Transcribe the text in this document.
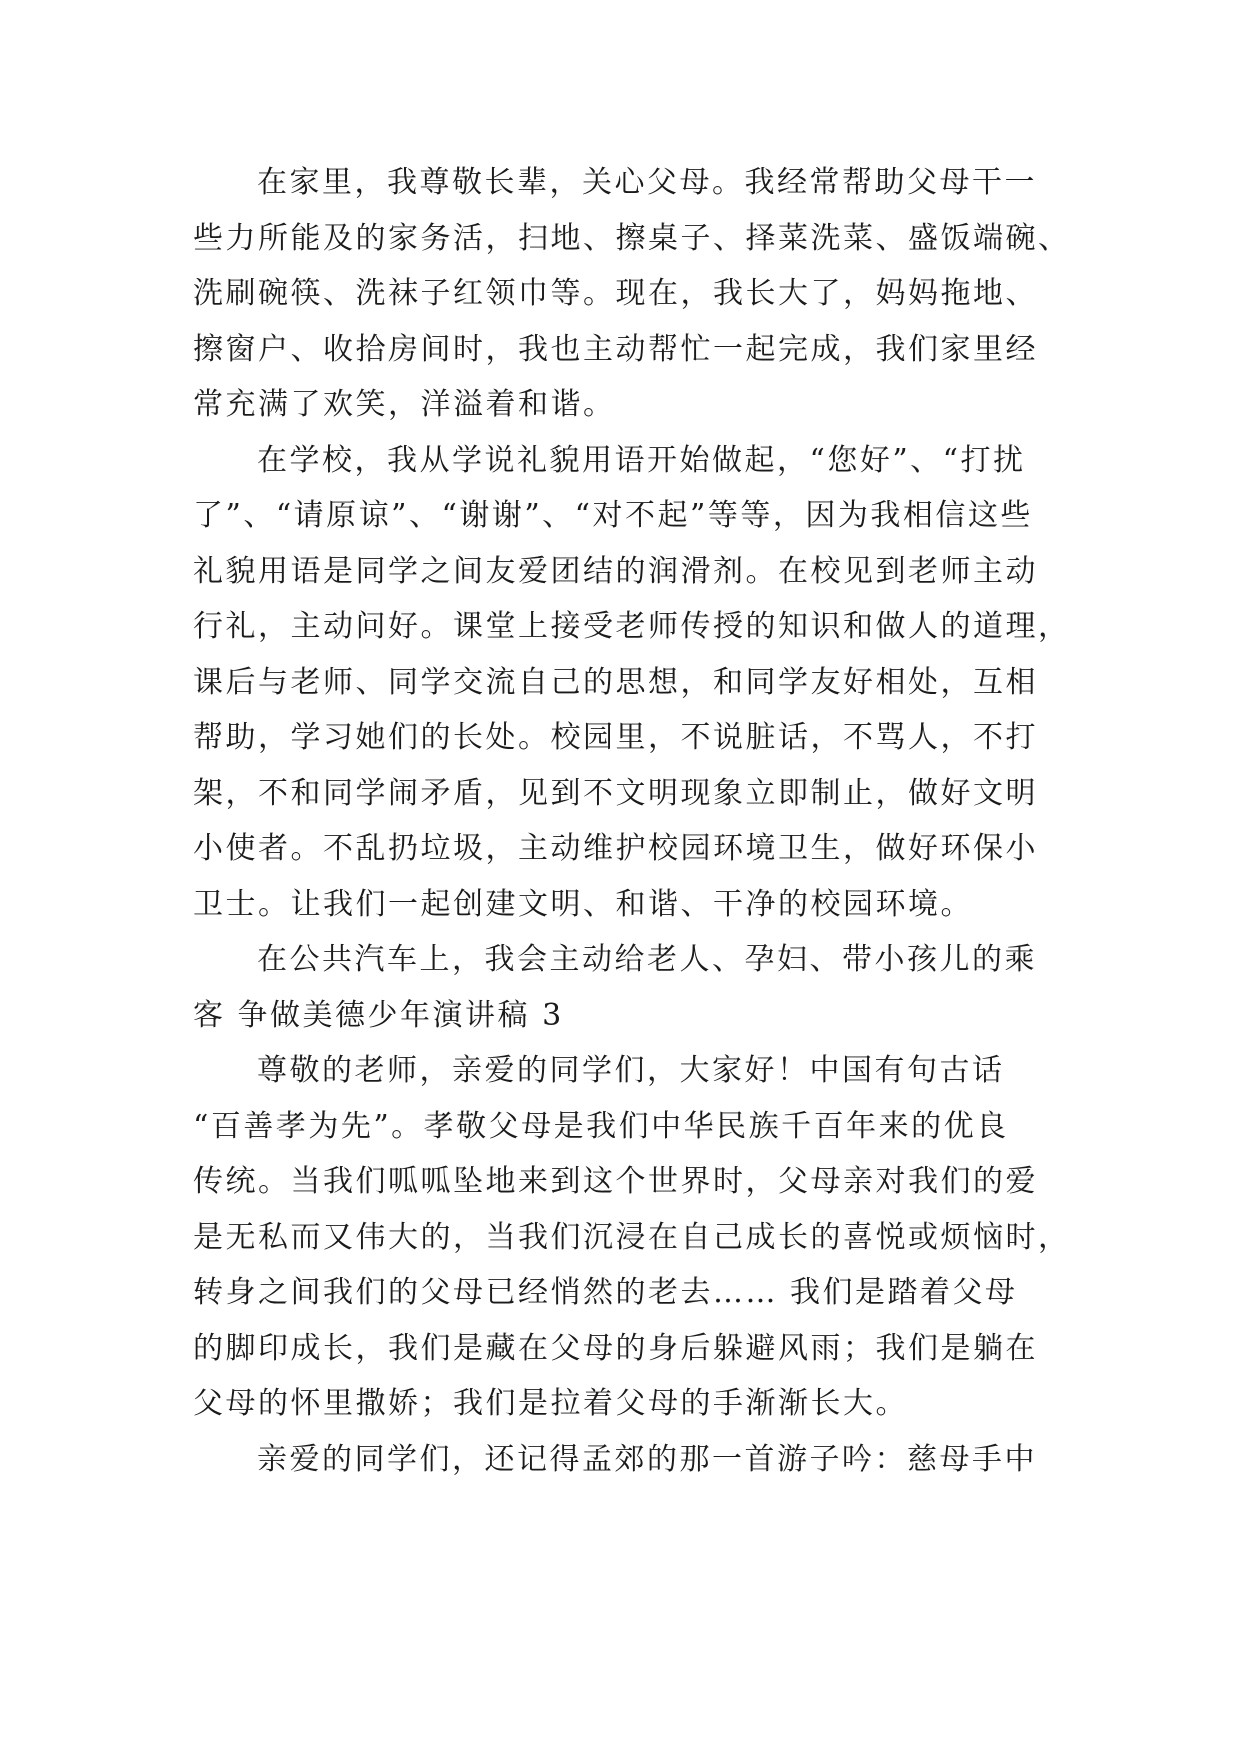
在家里，我尊敬长辈，关心父母。我经常帮助父母干一
些力所能及的家务活，扫地、擦桌子、择菜洗菜、盛饭端碗、
洗刷碗筷、洗袜子红领巾等。现在，我长大了，妈妈拖地、
擦窗户、收拾房间时，我也主动帮忙一起完成，我们家里经
常充满了欢笑，洋溢着和谐。
在学校，我从学说礼貌用语开始做起，“您好”、“打扰
了”、“请原谅”、“谢谢”、“对不起”等等，因为我相信这些
礼貌用语是同学之间友爱团结的润滑剂。在校见到老师主动
行礼，主动问好。课堂上接受老师传授的知识和做人的道理，
课后与老师、同学交流自己的思想，和同学友好相处，互相
帮助，学习她们的长处。校园里，不说脏话，不骂人，不打
架，不和同学闹矛盾，见到不文明现象立即制止，做好文明
小使者。不乱扔垃圾，主动维护校园环境卫生，做好环保小
卫士。让我们一起创建文明、和谐、干净的校园环境。
在公共汽车上，我会主动给老人、孕妇、带小孩儿的乘
客 争做美德少年演讲稿 3
尊敬的老师，亲爱的同学们，大家好！中国有句古话
“百善孝为先”。孝敬父母是我们中华民族千百年来的优良
传统。当我们呱呱坠地来到这个世界时，父母亲对我们的爱
是无私而又伟大的，当我们沉浸在自己成长的喜悦或烦恼时，
转身之间我们的父母已经悄然的老去…… 我们是踏着父母
的脚印成长，我们是藏在父母的身后躲避风雨；我们是躺在
父母的怀里撒娇；我们是拉着父母的手渐渐长大。
亲爱的同学们，还记得孟郊的那一首游子吟：慈母手中
